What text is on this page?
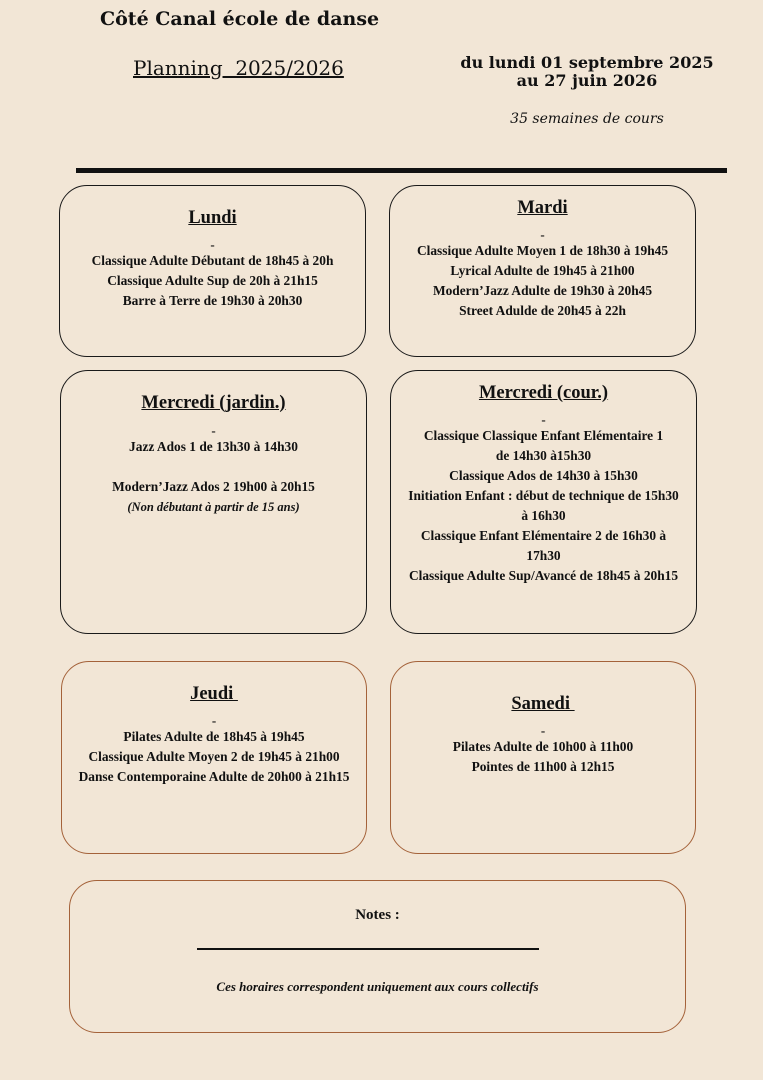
Côté Canal école de danse
Planning  2025/2026	du lundi 01 septembre 2025
au 27 juin 2026
35 semaines de cours
Lundi
-
Classique Adulte Débutant de 18h45 à 20h
Classique Adulte Sup de 20h à 21h15
Barre à Terre de 19h30 à 20h30
Mardi
-
Classique Adulte Moyen 1 de 18h30 à 19h45
Lyrical Adulte de 19h45 à 21h00
Modern’Jazz Adulte de 19h30 à 20h45
Street Adulde de 20h45 à 22h
Mercredi (jardin.)
-
Jazz Ados 1 de 13h30 à 14h30
Modern’Jazz Ados 2 19h00 à 20h15
(Non débutant à partir de 15 ans)
Mercredi (cour.)
-
Classique Classique Enfant Elémentaire 1
de 14h30 à15h30
Classique Ados de 14h30 à 15h30
Initiation Enfant : début de technique de 15h30
à 16h30
Classique Enfant Elémentaire 2 de 16h30 à
17h30
Classique Adulte Sup/Avancé de 18h45 à 20h15
Jeudi
-
Pilates Adulte de 18h45 à 19h45
Classique Adulte Moyen 2 de 19h45 à 21h00
Danse Contemporaine Adulte de 20h00 à 21h15
Samedi
-
Pilates Adulte de 10h00 à 11h00
Pointes de 11h00 à 12h15
Notes :
Ces horaires correspondent uniquement aux cours collectifs
